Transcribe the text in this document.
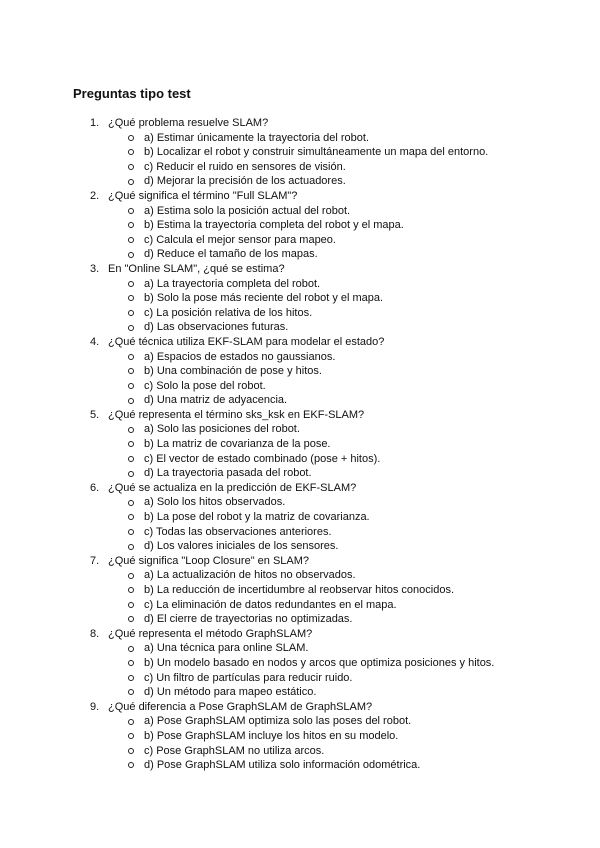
Preguntas tipo test
1. ¿Qué problema resuelve SLAM?
a) Estimar únicamente la trayectoria del robot.
b) Localizar el robot y construir simultáneamente un mapa del entorno.
c) Reducir el ruido en sensores de visión.
d) Mejorar la precisión de los actuadores.
2. ¿Qué significa el término "Full SLAM"?
a) Estima solo la posición actual del robot.
b) Estima la trayectoria completa del robot y el mapa.
c) Calcula el mejor sensor para mapeo.
d) Reduce el tamaño de los mapas.
3. En "Online SLAM", ¿qué se estima?
a) La trayectoria completa del robot.
b) Solo la pose más reciente del robot y el mapa.
c) La posición relativa de los hitos.
d) Las observaciones futuras.
4. ¿Qué técnica utiliza EKF-SLAM para modelar el estado?
a) Espacios de estados no gaussianos.
b) Una combinación de pose y hitos.
c) Solo la pose del robot.
d) Una matriz de adyacencia.
5. ¿Qué representa el término sks_ksk en EKF-SLAM?
a) Solo las posiciones del robot.
b) La matriz de covarianza de la pose.
c) El vector de estado combinado (pose + hitos).
d) La trayectoria pasada del robot.
6. ¿Qué se actualiza en la predicción de EKF-SLAM?
a) Solo los hitos observados.
b) La pose del robot y la matriz de covarianza.
c) Todas las observaciones anteriores.
d) Los valores iniciales de los sensores.
7. ¿Qué significa "Loop Closure" en SLAM?
a) La actualización de hitos no observados.
b) La reducción de incertidumbre al reobservar hitos conocidos.
c) La eliminación de datos redundantes en el mapa.
d) El cierre de trayectorias no optimizadas.
8. ¿Qué representa el método GraphSLAM?
a) Una técnica para online SLAM.
b) Un modelo basado en nodos y arcos que optimiza posiciones y hitos.
c) Un filtro de partículas para reducir ruido.
d) Un método para mapeo estático.
9. ¿Qué diferencia a Pose GraphSLAM de GraphSLAM?
a) Pose GraphSLAM optimiza solo las poses del robot.
b) Pose GraphSLAM incluye los hitos en su modelo.
c) Pose GraphSLAM no utiliza arcos.
d) Pose GraphSLAM utiliza solo información odométrica.
